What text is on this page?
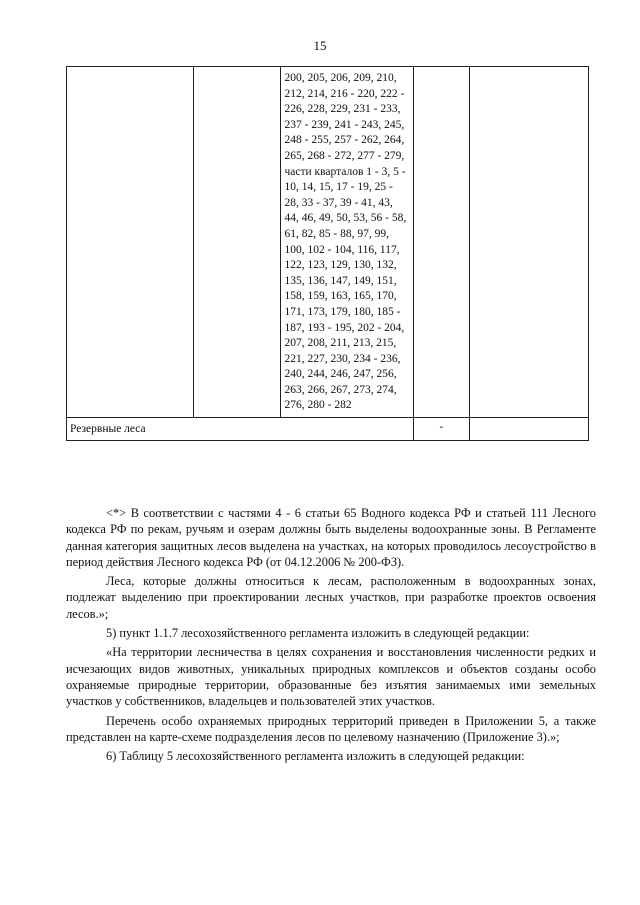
15

		200, 205, 206, 209, 210, 212, 214, 216 - 220, 222 - 226, 228, 229, 231 - 233, 237 - 239, 241 - 243, 245, 248 - 255, 257 - 262, 264, 265, 268 - 272, 277 - 279, части кварталов 1 - 3, 5 - 10, 14, 15, 17 - 19, 25 - 28, 33 - 37, 39 - 41, 43, 44, 46, 49, 50, 53, 56 - 58, 61, 82, 85 - 88, 97, 99, 100, 102 - 104, 116, 117, 122, 123, 129, 130, 132, 135, 136, 147, 149, 151, 158, 159, 163, 165, 170, 171, 173, 179, 180, 185 - 187, 193 - 195, 202 - 204, 207, 208, 211, 213, 215, 221, 227, 230, 234 - 236, 240, 244, 246, 247, 256, 263, 266, 267, 273, 274, 276, 280 - 282		

Резервные леса			-	

<*> В соответствии с частями 4 - 6 статьи 65 Водного кодекса РФ и статьей 111 Лесного кодекса РФ по рекам, ручьям и озерам должны быть выделены водоохранные зоны. В Регламенте данная категория защитных лесов выделена на участках, на которых проводилось лесоустройство в период действия Лесного кодекса РФ (от 04.12.2006 № 200-ФЗ).

Леса, которые должны относиться к лесам, расположенным в водоохранных зонах, подлежат выделению при проектировании лесных участков, при разработке проектов освоения лесов.»;

5) пункт 1.1.7 лесохозяйственного регламента изложить в следующей редакции:

«На территории лесничества в целях сохранения и восстановления численности редких и исчезающих видов животных, уникальных природных комплексов и объектов созданы особо охраняемые природные территории, образованные без изъятия занимаемых ими земельных участков у собственников, владельцев и пользователей этих участков.

Перечень особо охраняемых природных территорий приведен в Приложении 5, а также представлен на карте-схеме подразделения лесов по целевому назначению (Приложение 3).»;

6) Таблицу 5 лесохозяйственного регламента изложить в следующей редакции:
